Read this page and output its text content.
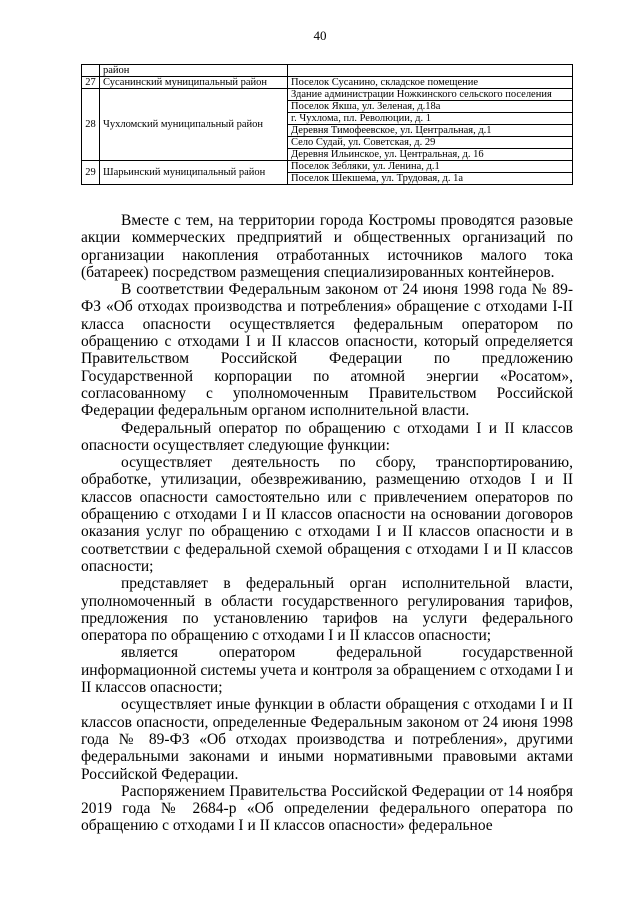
40
	район	
27	Сусанинский муниципальный район	Поселок Сусанино, складское помещение
28	Чухломский муниципальный район	Здание администрации Ножкинского сельского поселения
		Поселок Якша, ул. Зеленая, д.18а
		г. Чухлома, пл. Революции, д. 1
		Деревня Тимофеевское, ул. Центральная, д.1
		Село Судай, ул. Советская, д. 29
		Деревня Ильинское, ул. Центральная, д. 16
29	Шарьинский муниципальный район	Поселок Зебляки, ул. Ленина, д.1
		Поселок Шекшема, ул. Трудовая, д. 1а

Вместе с тем, на территории города Костромы проводятся разовые акции коммерческих предприятий и общественных организаций по организации накопления отработанных источников малого тока (батареек) посредством размещения специализированных контейнеров.

В соответствии Федеральным законом от 24 июня 1998 года № 89-ФЗ «Об отходах производства и потребления» обращение с отходами I-II класса опасности осуществляется федеральным оператором по обращению с отходами I и II классов опасности, который определяется Правительством Российской Федерации по предложению Государственной корпорации по атомной энергии «Росатом», согласованному с уполномоченным Правительством Российской Федерации федеральным органом исполнительной власти.

Федеральный оператор по обращению с отходами I и II классов опасности осуществляет следующие функции:

осуществляет деятельность по сбору, транспортированию, обработке, утилизации, обезвреживанию, размещению отходов I и II классов опасности самостоятельно или с привлечением операторов по обращению с отходами I и II классов опасности на основании договоров оказания услуг по обращению с отходами I и II классов опасности и в соответствии с федеральной схемой обращения с отходами I и II классов опасности;

представляет в федеральный орган исполнительной власти, уполномоченный в области государственного регулирования тарифов, предложения по установлению тарифов на услуги федерального оператора по обращению с отходами I и II классов опасности;

является оператором федеральной государственной информационной системы учета и контроля за обращением с отходами I и II классов опасности;

осуществляет иные функции в области обращения с отходами I и II классов опасности, определенные Федеральным законом от 24 июня 1998 года № 89-ФЗ «Об отходах производства и потребления», другими федеральными законами и иными нормативными правовыми актами Российской Федерации.

Распоряжением Правительства Российской Федерации от 14 ноября 2019 года № 2684-р «Об определении федерального оператора по обращению с отходами I и II классов опасности» федеральное
